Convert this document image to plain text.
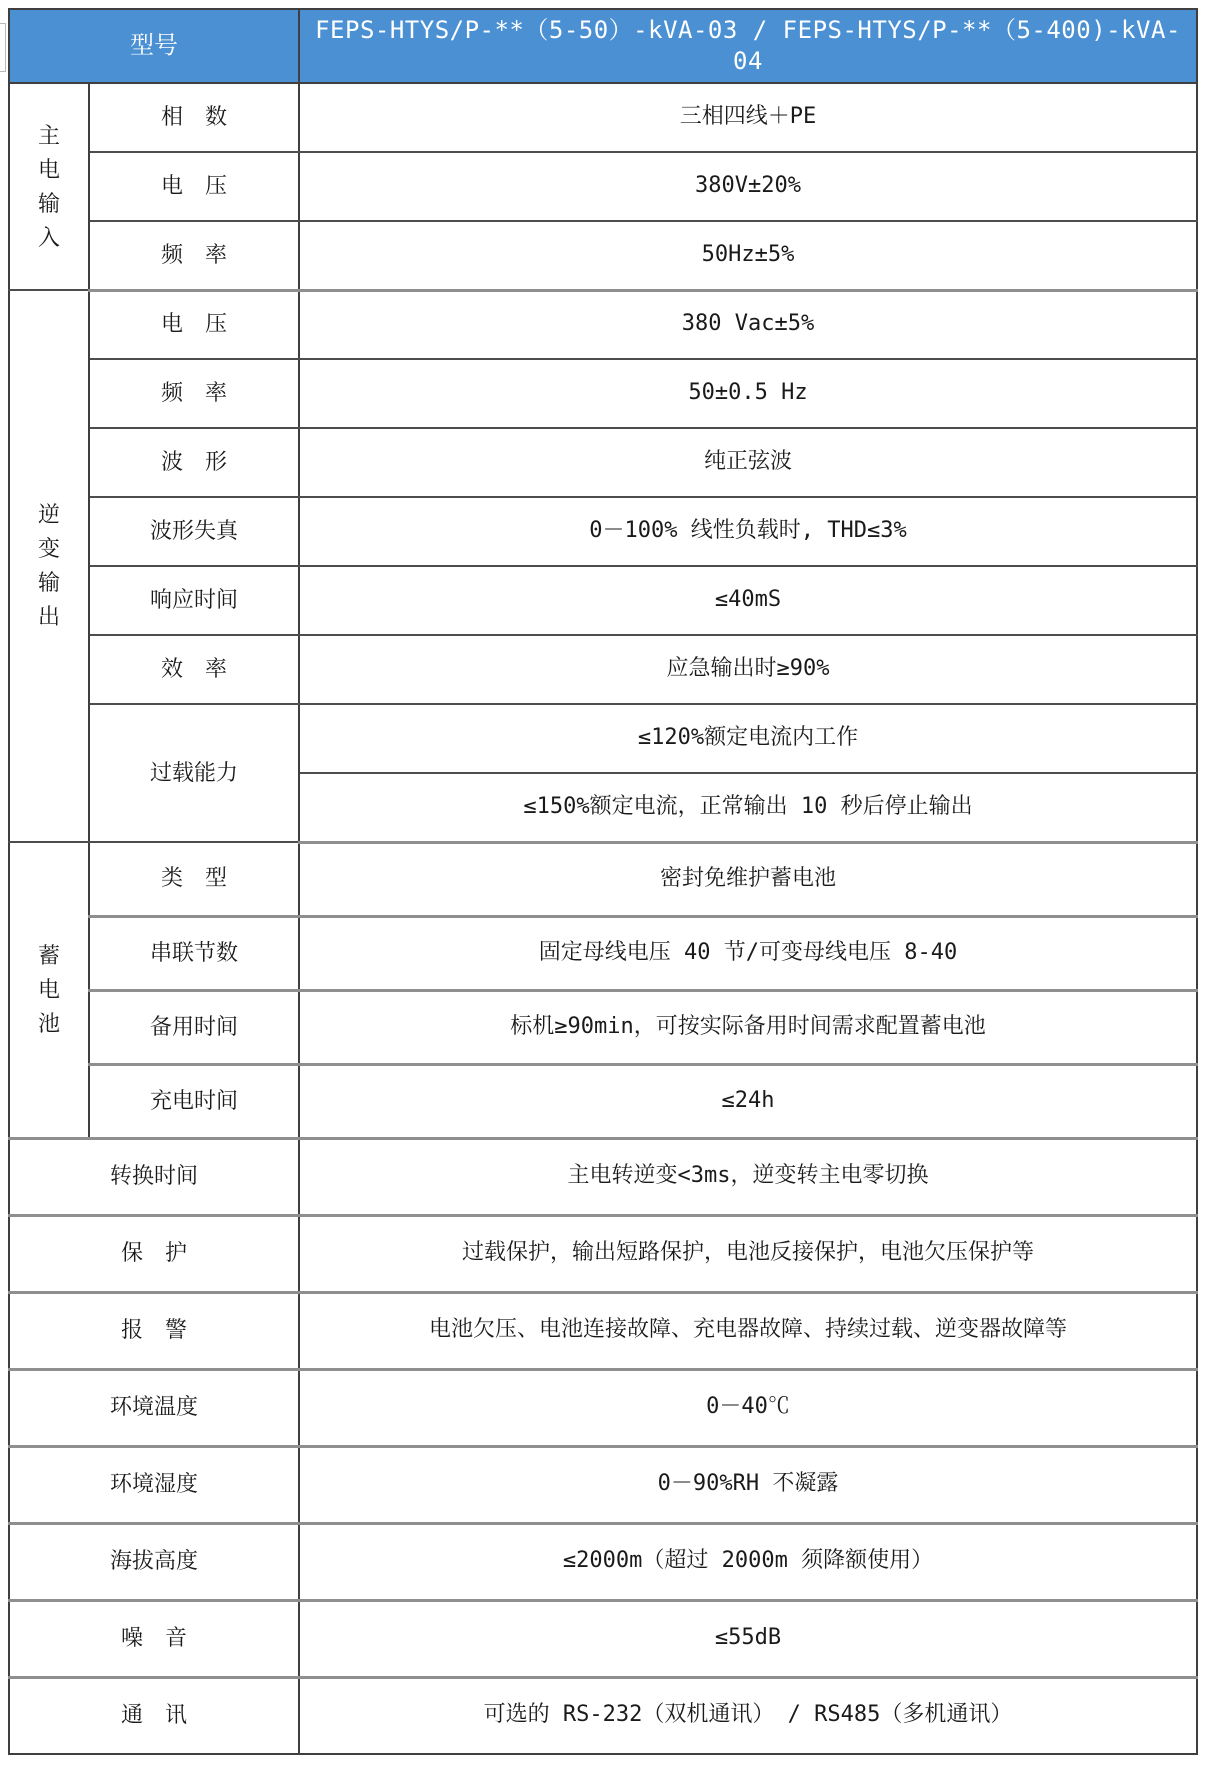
型号		FEPS-HTYS/P-**（5-50）-kVA-03 / FEPS-HTYS/P-**（5-400)-kVA-04

主电输入	相　数	三相四线＋PE
	电　压	380V±20%
	频　率	50Hz±5%

逆变输出	电　压	380 Vac±5%
	频　率	50±0.5 Hz
	波　形	纯正弦波
	波形失真	0－100% 线性负载时, THD≤3%
	响应时间	≤40mS
	效　率	应急输出时≥90%
	过载能力	≤120%额定电流内工作
		≤150%额定电流，正常输出 10 秒后停止输出

蓄电池	类　型	密封免维护蓄电池
	串联节数	固定母线电压 40 节/可变母线电压 8-40
	备用时间	标机≥90min，可按实际备用时间需求配置蓄电池
	充电时间	≤24h
转换时间		主电转逆变<3ms，逆变转主电零切换
保　护		过载保护，输出短路保护，电池反接保护，电池欠压保护等
报　警		电池欠压、电池连接故障、充电器故障、持续过载、逆变器故障等
环境温度		0－40℃
环境湿度		0－90%RH 不凝露
海拔高度		≤2000m（超过 2000m 须降额使用）
噪　音		≤55dB
通　讯		可选的 RS-232（双机通讯） / RS485（多机通讯）
